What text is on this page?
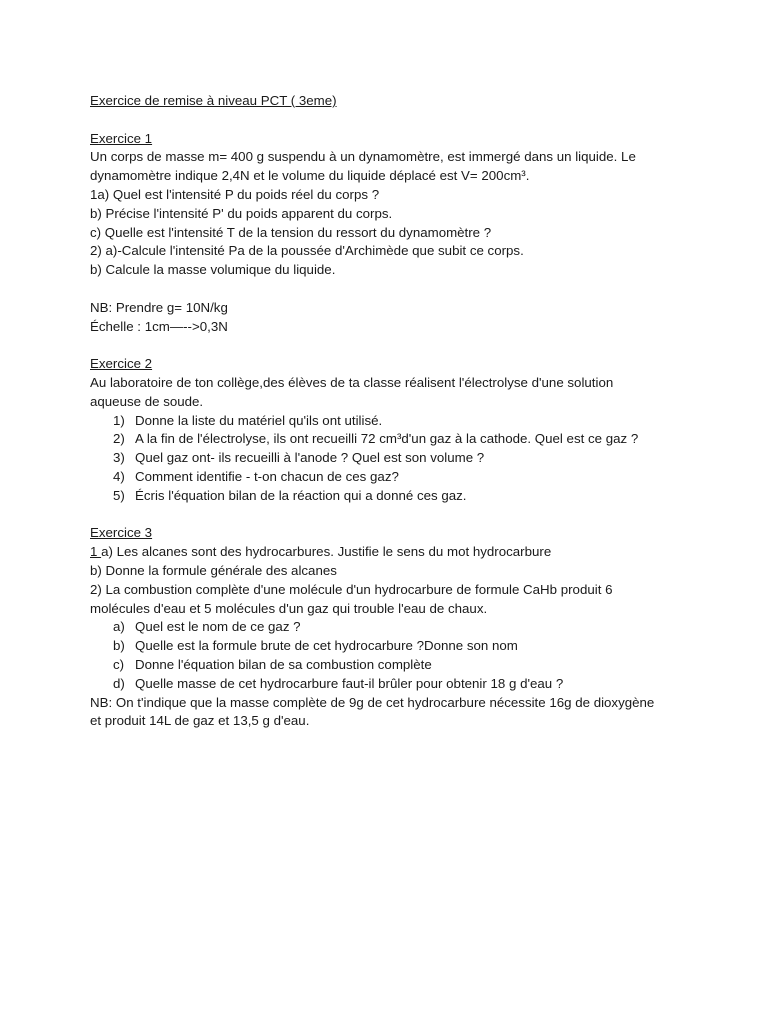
Exercice de remise à niveau PCT ( 3eme)
Exercice 1
Un corps de masse m= 400 g suspendu à un dynamomètre, est immergé dans un liquide. Le
dynamomètre indique 2,4N et le volume du liquide déplacé est V= 200cm³.
1a) Quel est l'intensité P du poids réel du corps ?
b) Précise l'intensité P' du poids apparent du corps.
c) Quelle est l'intensité T de la tension du ressort du dynamomètre ?
2) a)-Calcule l'intensité Pa de la poussée d'Archimède que subit ce corps.
b) Calcule la masse volumique du liquide.
NB: Prendre g= 10N/kg
Échelle : 1cm—-->0,3N
Exercice 2
Au laboratoire de ton collège,des élèves de ta classe réalisent l'électrolyse d'une solution
aqueuse de soude.
1) Donne la liste du matériel qu'ils ont utilisé.
2) A la fin de l'électrolyse, ils ont recueilli 72 cm³d'un gaz à la cathode. Quel est ce gaz ?
3) Quel gaz ont- ils recueilli à l'anode ? Quel est son volume ?
4) Comment identifie - t-on chacun de ces gaz?
5) Écris l'équation bilan de la réaction qui a donné ces gaz.
Exercice 3
1 a) Les alcanes sont des hydrocarbures. Justifie le sens du mot hydrocarbure
b) Donne la formule générale des alcanes
2) La combustion complète d'une molécule d'un hydrocarbure de formule CaHb produit 6
molécules d'eau et 5 molécules d'un gaz qui trouble l'eau de chaux.
a) Quel est le nom de ce gaz ?
b) Quelle est la formule brute de cet hydrocarbure ?Donne son nom
c) Donne l'équation bilan de sa combustion complète
d) Quelle masse de cet hydrocarbure faut-il brûler pour obtenir 18 g d'eau ?
NB: On t'indique que la masse complète de 9g de cet hydrocarbure nécessite 16g de dioxygène
et produit 14L de gaz et 13,5 g d'eau.
